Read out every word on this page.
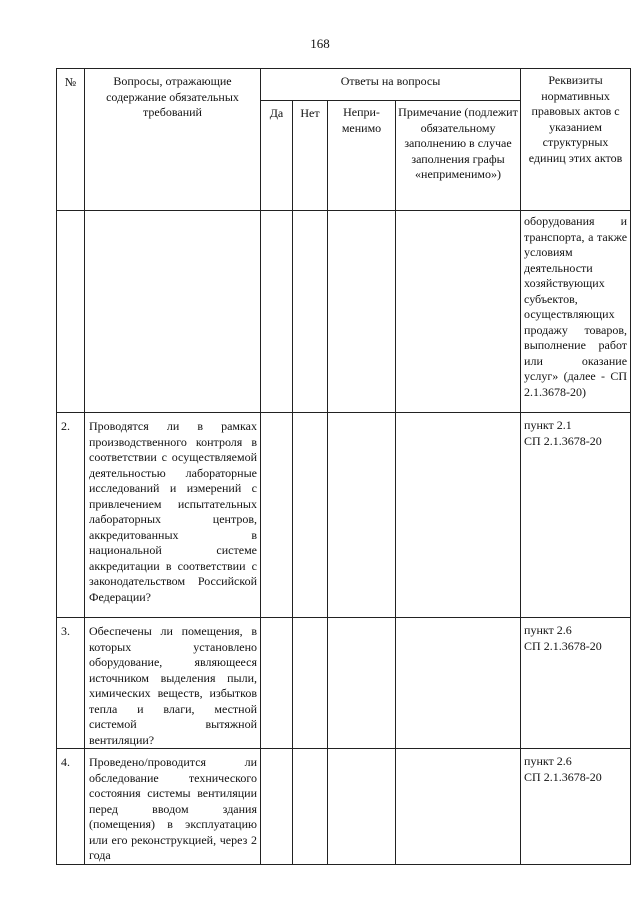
168
№	Вопросы, отражающие содержание обязательных требований	Ответы на вопросы				Реквизиты нормативных правовых актов с указанием структурных единиц этих актов
		Да	Нет	Непри-менимо	Примечание (подлежит обязательному заполнению в случае заполнения графы «неприменимо»)	
						оборудования и транспорта, а также условиям деятельности хозяйствующих субъектов, осуществляющих продажу товаров, выполнение работ или оказание услуг» (далее - СП 2.1.3678-20)
2.	Проводятся ли в рамках производственного контроля в соответствии с осуществляемой деятельностью лабораторные исследований и измерений с привлечением испытательных лабораторных центров, аккредитованных в национальной системе аккредитации в соответствии с законодательством Российской Федерации?					пункт 2.1
СП 2.1.3678-20

3.	Обеспечены ли помещения, в которых установлено оборудование, являющееся источником выделения пыли, химических веществ, избытков тепла и влаги, местной системой вытяжной вентиляции?					пункт 2.6
СП 2.1.3678-20

4.	Проведено/проводится ли обследование технического состояния системы вентиляции перед вводом здания (помещения) в эксплуатацию или его реконструкцией, через 2 года					пункт 2.6
СП 2.1.3678-20
